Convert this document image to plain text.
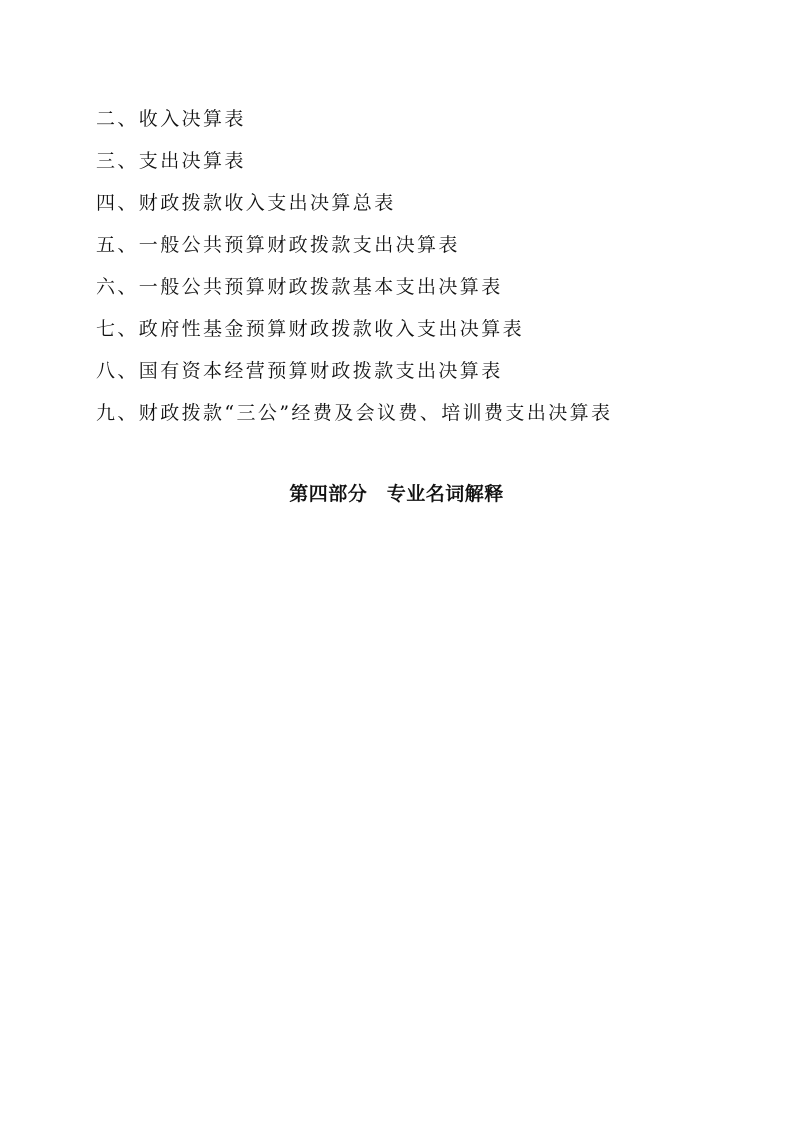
二、收入决算表
三、支出决算表
四、财政拨款收入支出决算总表
五、一般公共预算财政拨款支出决算表
六、一般公共预算财政拨款基本支出决算表
七、政府性基金预算财政拨款收入支出决算表
八、国有资本经营预算财政拨款支出决算表
九、财政拨款“三公”经费及会议费、培训费支出决算表
第四部分　专业名词解释
